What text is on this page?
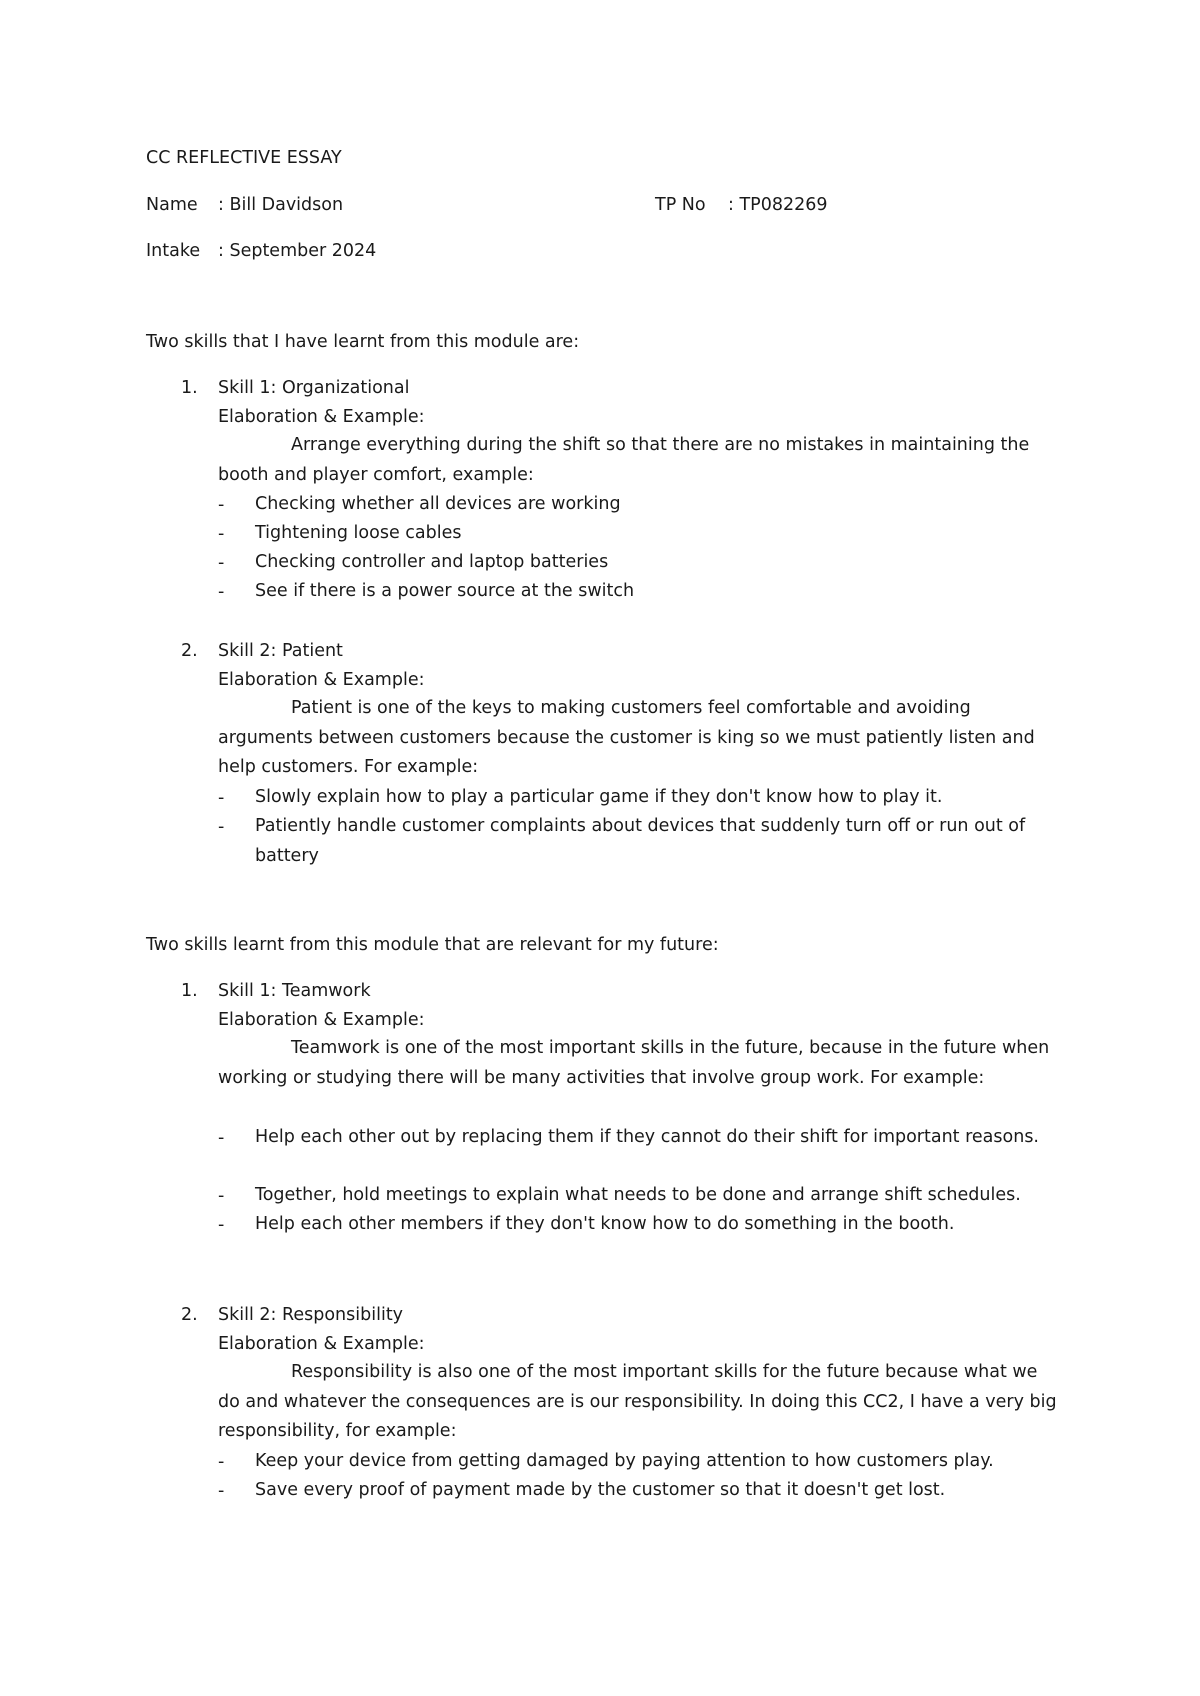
CC REFLECTIVE ESSAY
Name : Bill Davidson	TP No : TP082269
Intake : September 2024
Two skills that I have learnt from this module are:
1. Skill 1: Organizational
Elaboration & Example:
Arrange everything during the shift so that there are no mistakes in maintaining the booth and player comfort, example:
- Checking whether all devices are working
- Tightening loose cables
- Checking controller and laptop batteries
- See if there is a power source at the switch
2. Skill 2: Patient
Elaboration & Example:
Patient is one of the keys to making customers feel comfortable and avoiding arguments between customers because the customer is king so we must patiently listen and help customers. For example:
- Slowly explain how to play a particular game if they don't know how to play it.
- Patiently handle customer complaints about devices that suddenly turn off or run out of battery
Two skills learnt from this module that are relevant for my future:
1. Skill 1: Teamwork
Elaboration & Example:
Teamwork is one of the most important skills in the future, because in the future when working or studying there will be many activities that involve group work. For example:
- Help each other out by replacing them if they cannot do their shift for important reasons.
- Together, hold meetings to explain what needs to be done and arrange shift schedules.
- Help each other members if they don't know how to do something in the booth.
2. Skill 2: Responsibility
Elaboration & Example:
Responsibility is also one of the most important skills for the future because what we do and whatever the consequences are is our responsibility. In doing this CC2, I have a very big responsibility, for example:
- Keep your device from getting damaged by paying attention to how customers play.
- Save every proof of payment made by the customer so that it doesn't get lost.
